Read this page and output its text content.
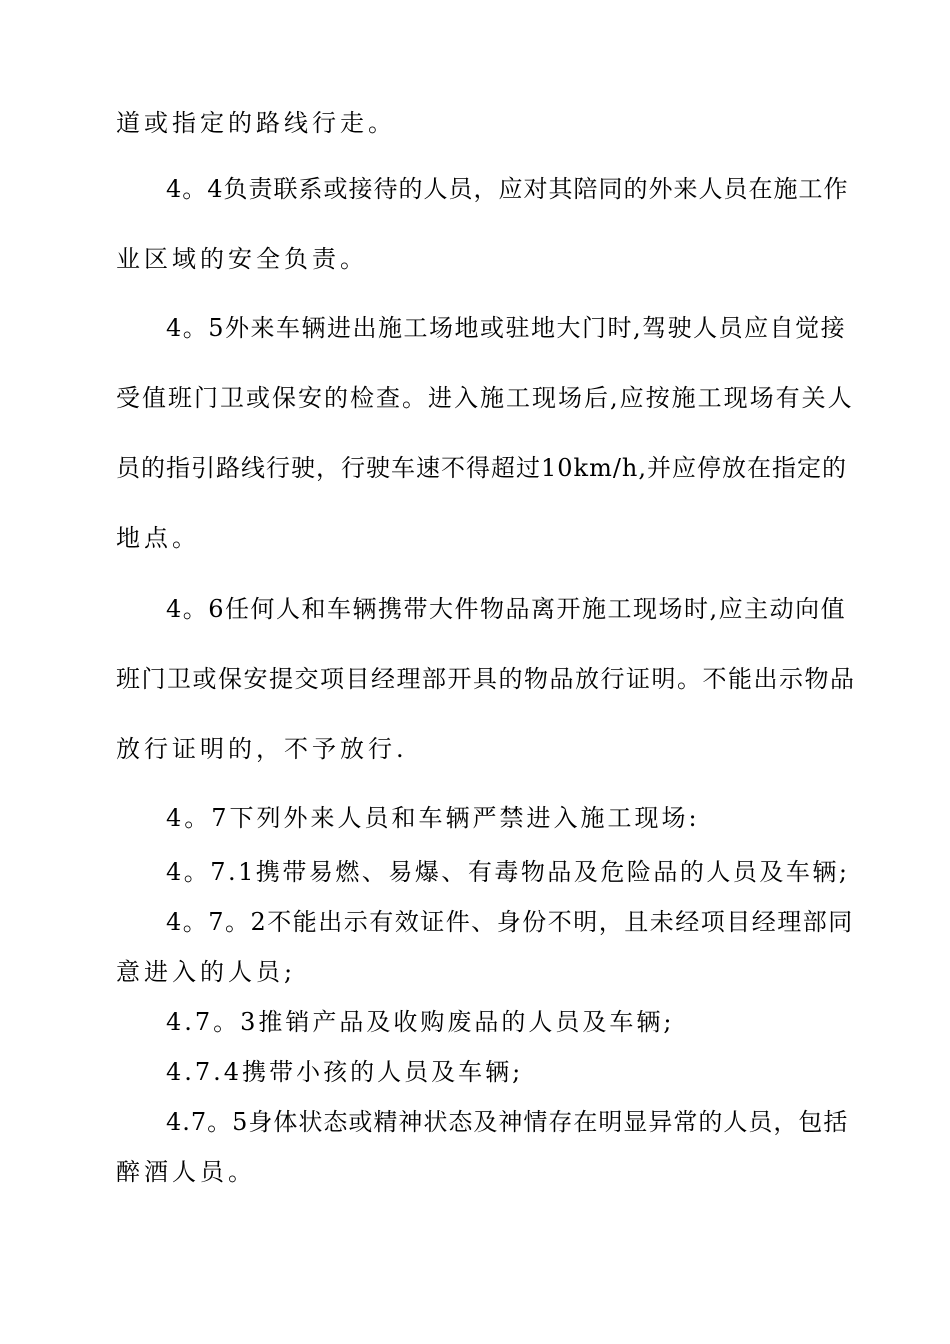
道或指定的路线行走。
4。4负责联系或接待的人员，应对其陪同的外来人员在施工作
业区域的安全负责。
4。5外来车辆进出施工场地或驻地大门时,驾驶人员应自觉接
受值班门卫或保安的检查。进入施工现场后,应按施工现场有关人
员的指引路线行驶，行驶车速不得超过10km/h,并应停放在指定的
地点。
4。6任何人和车辆携带大件物品离开施工现场时,应主动向值
班门卫或保安提交项目经理部开具的物品放行证明。不能出示物品
放行证明的，不予放行.
4。7下列外来人员和车辆严禁进入施工现场:
4。7.1携带易燃、易爆、有毒物品及危险品的人员及车辆;
4。7。2不能出示有效证件、身份不明，且未经项目经理部同
意进入的人员;
4.7。3推销产品及收购废品的人员及车辆;
4.7.4携带小孩的人员及车辆;
4.7。5身体状态或精神状态及神情存在明显异常的人员，包括
醉酒人员。
